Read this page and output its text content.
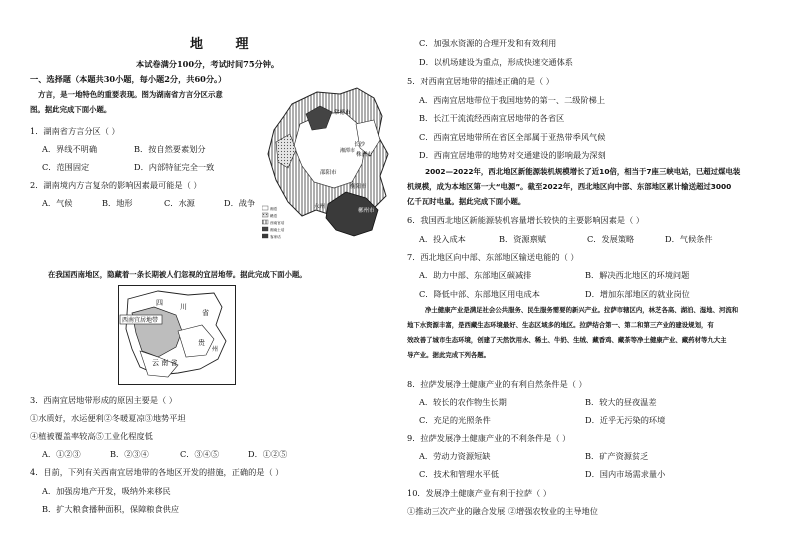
地 理
本试卷满分100分，考试时间75分钟。
一、选择题（本题共30小题，每小题2分，共60分。）
方言，是一地特色的重要表现。图为湖南省方言分区示意
图。据此完成下面小题。
1．湖南省方言分区（ ）
A．界线不明确	B．按自然要素划分
C．范围固定	D．内部特征完全一致
2．湖南境内方言复杂的影响因素最可能是（ ）
A．气候	B．地形	C．水源	D．战争
常德市
长沙
株洲市
湘潭市
邵阳市
永州
郴州市
衡阳市
湘语
赣语
西南官话
湘南土话
客家话
在我国西南地区，隐藏着一条长期被人们忽视的宜居地带。据此完成下面小题。
四 川
省
西南宜居地带
贵
州
云 南 省
3．西南宜居地带形成的原因主要是（ ）
①水质好，水运便利②冬暖夏凉③地势平坦
④植被覆盖率较高⑤工业化程度低
A．①②③	B．②③④	C．③④⑤	D．①②⑤
4．目前，下列有关西南宜居地带的各地区开发的措施，正确的是（ ）
A．加强房地产开发，吸纳外来移民
B．扩大粮食播种面积，保障粮食供应
C．加强水资源的合理开发和有效利用
D．以机场建设为重点，形成快速交通体系
5．对西南宜居地带的描述正确的是（ ）
A．西南宜居地带位于我国地势的第一、二级阶梯上
B．长江干流流经西南宜居地带的各省区
C．西南宜居地带所在省区全部属于亚热带季风气候
D．西南宜居地带的地势对交通建设的影响最为深刻
2002—2022年，西北地区新能源装机规模增长了近10倍，相当于7座三峡电站，已超过煤电装
机规模，成为本地区第一大“电源”。截至2022年，西北地区向中部、东部地区累计输送超过3000
亿千瓦时电量。据此完成下面小题。
6．我国西北地区新能源装机容量增长较快的主要影响因素是（ ）
A．投入成本	B．资源禀赋	C．发展策略	D．气候条件
7．西北地区向中部、东部地区输送电能的（ ）
A．助力中部、东部地区碳减排	B．解决西北地区的环境问题
C．降低中部、东部地区用电成本	D．增加东部地区的就业岗位
净土健康产业是满足社会公共服务、民生服务需要的新兴产业。拉萨市辖区内，林芝各高、湖泊、湿地、河流和
地下水资源丰富，是西藏生态环境最好、生态区域多的地区。拉萨结合第一、第二和第三产业的建设规划，有
效改善了城市生态环境，创建了天然饮用水、稀土、牛奶、生绒、藏香鸡、藏茶等净土健康产业、藏药材等九大主
导产业。据此完成下列各题。
8．拉萨发展净土健康产业的有利自然条件是（ ）
A．较长的农作物生长期	B．较大的昼夜温差
C．充足的光照条件	D．近乎无污染的环境
9．拉萨发展净土健康产业的不利条件是（ ）
A．劳动力资源短缺	B．矿产资源贫乏
C．技术和管理水平低	D．国内市场需求量小
10．发展净土健康产业有利于拉萨（ ）
①推动三次产业的融合发展 ②增强农牧业的主导地位
